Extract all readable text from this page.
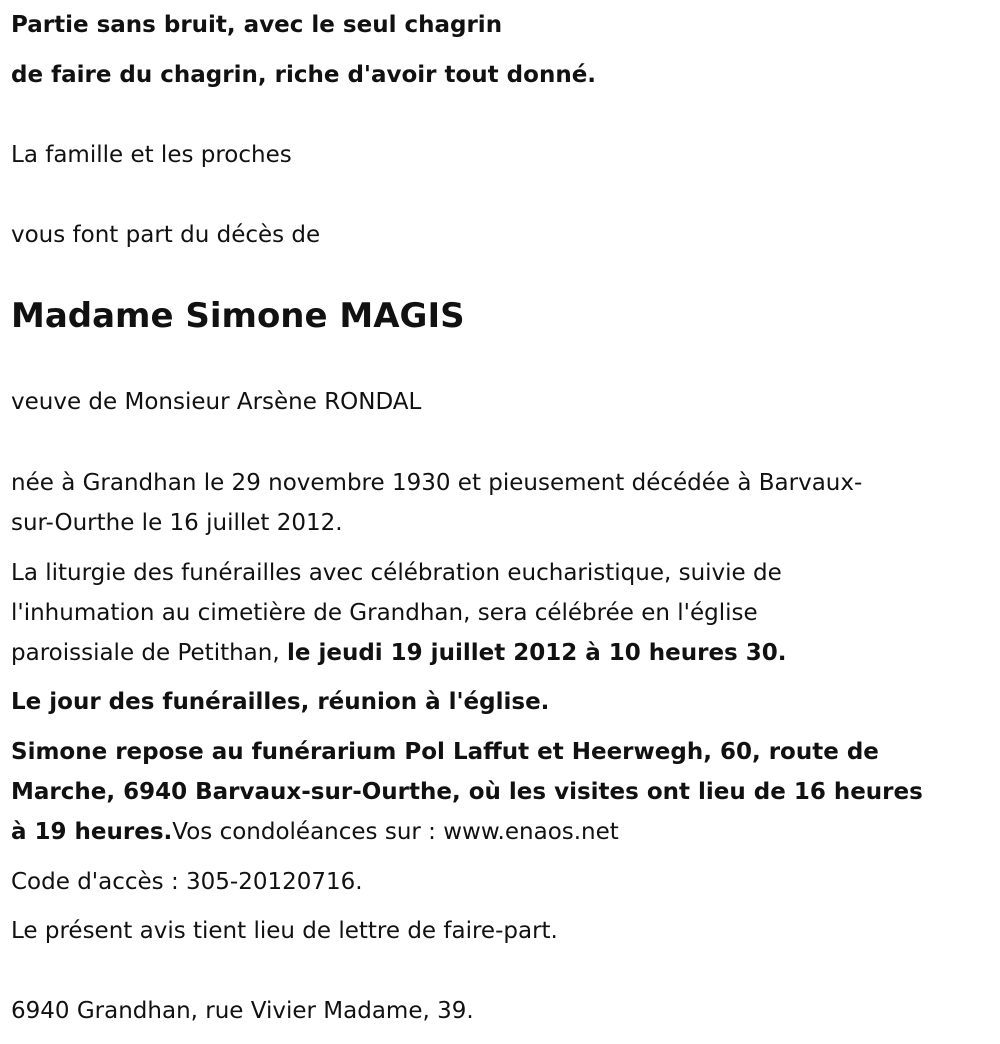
Partie sans bruit, avec le seul chagrin

de faire du chagrin, riche d'avoir tout donné.

La famille et les proches

vous font part du décès de

Madame Simone MAGIS

veuve de Monsieur Arsène RONDAL

née à Grandhan le 29 novembre 1930 et pieusement décédée à Barvaux-

sur-Ourthe le 16 juillet 2012.

La liturgie des funérailles avec célébration eucharistique, suivie de

l'inhumation au cimetière de Grandhan, sera célébrée en l'église

paroissiale de Petithan, le jeudi 19 juillet 2012 à 10 heures 30.

Le jour des funérailles, réunion à l'église.

Simone repose au funérarium Pol Laffut et Heerwegh, 60, route de

Marche, 6940 Barvaux-sur-Ourthe, où les visites ont lieu de 16 heures

à 19 heures.Vos condoléances sur : www.enaos.net

Code d'accès : 305-20120716.

Le présent avis tient lieu de lettre de faire-part.

6940 Grandhan, rue Vivier Madame, 39.
